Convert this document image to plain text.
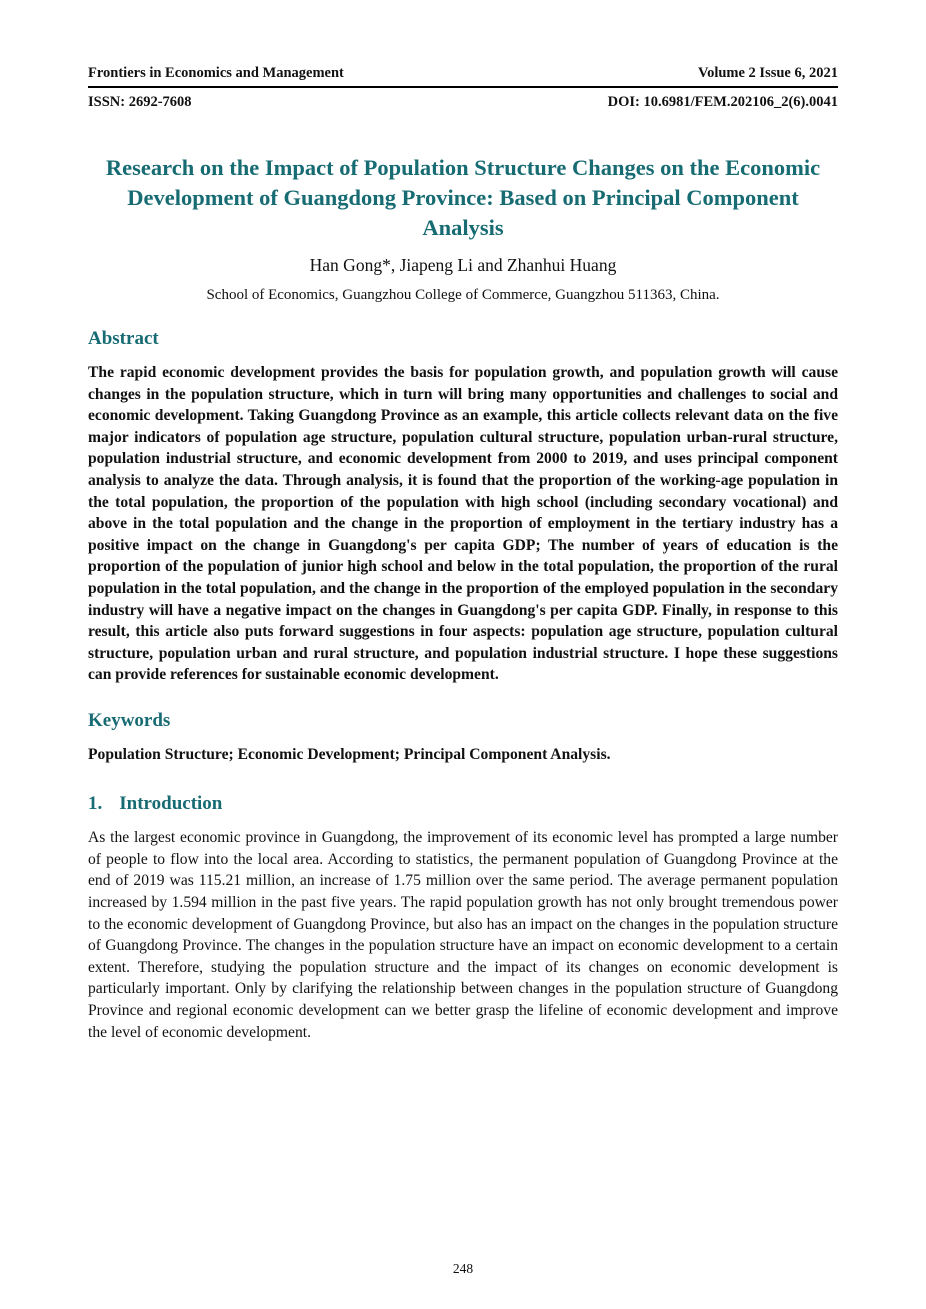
Frontiers in Economics and Management	Volume 2 Issue 6, 2021
ISSN: 2692-7608	DOI: 10.6981/FEM.202106_2(6).0041
Research on the Impact of Population Structure Changes on the Economic Development of Guangdong Province: Based on Principal Component Analysis
Han Gong*, Jiapeng Li and Zhanhui Huang
School of Economics, Guangzhou College of Commerce, Guangzhou 511363, China.
Abstract

The rapid economic development provides the basis for population growth, and population growth will cause changes in the population structure, which in turn will bring many opportunities and challenges to social and economic development. Taking Guangdong Province as an example, this article collects relevant data on the five major indicators of population age structure, population cultural structure, population urban-rural structure, population industrial structure, and economic development from 2000 to 2019, and uses principal component analysis to analyze the data. Through analysis, it is found that the proportion of the working-age population in the total population, the proportion of the population with high school (including secondary vocational) and above in the total population and the change in the proportion of employment in the tertiary industry has a positive impact on the change in Guangdong's per capita GDP; The number of years of education is the proportion of the population of junior high school and below in the total population, the proportion of the rural population in the total population, and the change in the proportion of the employed population in the secondary industry will have a negative impact on the changes in Guangdong's per capita GDP. Finally, in response to this result, this article also puts forward suggestions in four aspects: population age structure, population cultural structure, population urban and rural structure, and population industrial structure. I hope these suggestions can provide references for sustainable economic development.

Keywords

Population Structure; Economic Development; Principal Component Analysis.

1. Introduction

As the largest economic province in Guangdong, the improvement of its economic level has prompted a large number of people to flow into the local area. According to statistics, the permanent population of Guangdong Province at the end of 2019 was 115.21 million, an increase of 1.75 million over the same period. The average permanent population increased by 1.594 million in the past five years. The rapid population growth has not only brought tremendous power to the economic development of Guangdong Province, but also has an impact on the changes in the population structure of Guangdong Province. The changes in the population structure have an impact on economic development to a certain extent. Therefore, studying the population structure and the impact of its changes on economic development is particularly important. Only by clarifying the relationship between changes in the population structure of Guangdong Province and regional economic development can we better grasp the lifeline of economic development and improve the level of economic development.

248
